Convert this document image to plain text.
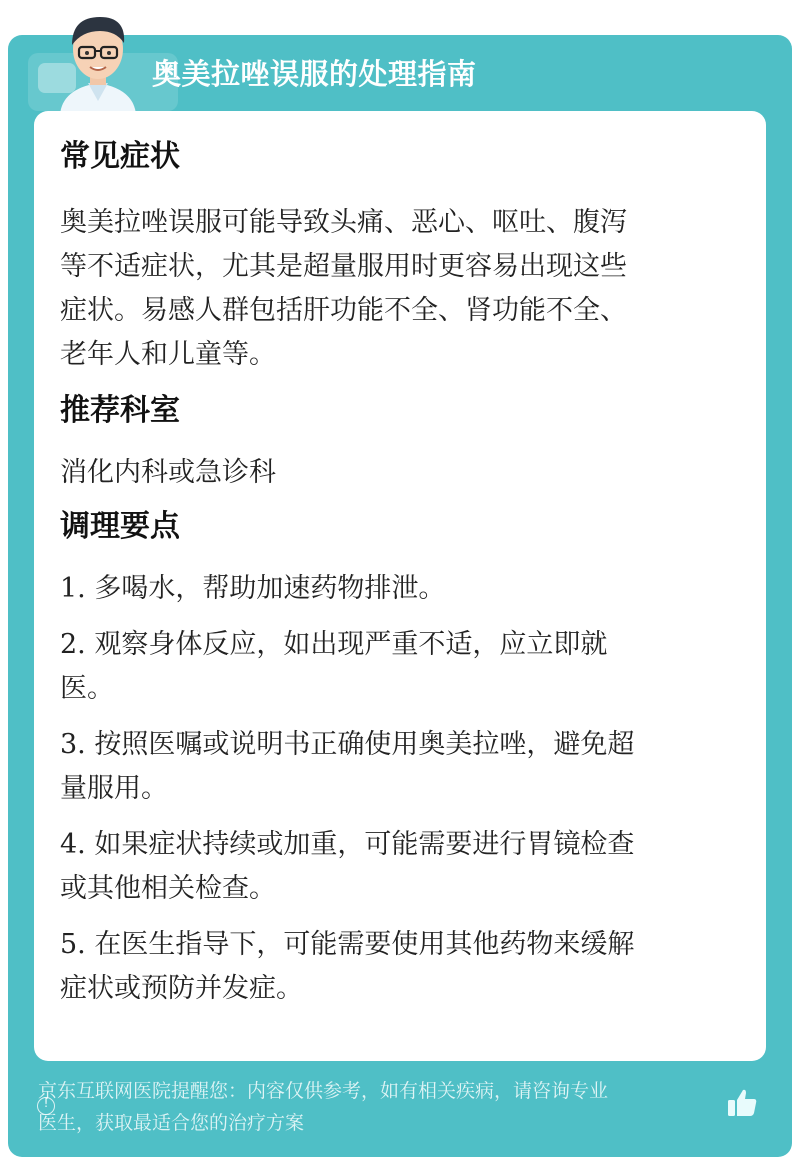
奥美拉唑误服的处理指南
常见症状

奥美拉唑误服可能导致头痛、恶心、呕吐、腹泻

等不适症状，尤其是超量服用时更容易出现这些

症状。易感人群包括肝功能不全、肾功能不全、

老年人和儿童等。

推荐科室

消化内科或急诊科

调理要点

1. 多喝水，帮助加速药物排泄。

2. 观察身体反应，如出现严重不适，应立即就

医。

3. 按照医嘱或说明书正确使用奥美拉唑，避免超

量服用。

4. 如果症状持续或加重，可能需要进行胃镜检查

或其他相关检查。

5. 在医生指导下，可能需要使用其他药物来缓解

症状或预防并发症。

!
京东互联网医院提醒您：内容仅供参考，如有相关疾病，请咨询专业
医生，获取最适合您的治疗方案
